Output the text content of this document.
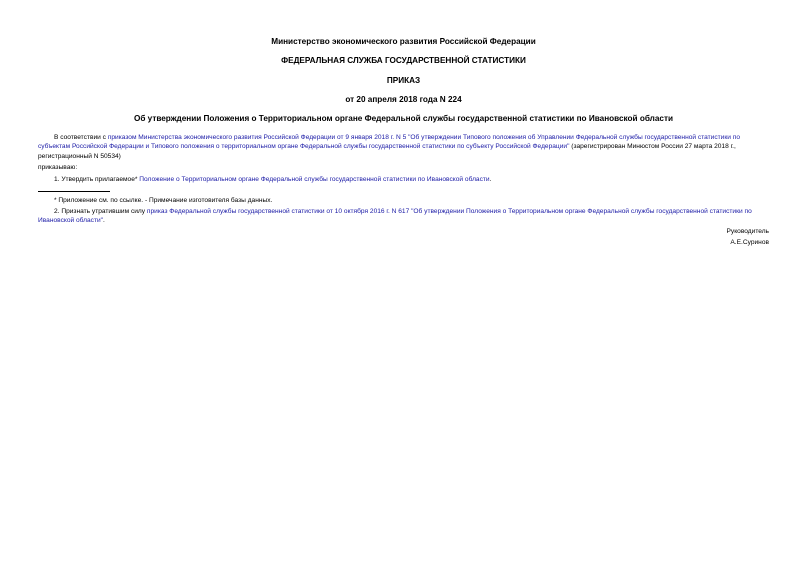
Министерство экономического развития Российской Федерации
ФЕДЕРАЛЬНАЯ СЛУЖБА ГОСУДАРСТВЕННОЙ СТАТИСТИКИ
ПРИКАЗ
от 20 апреля 2018 года N 224
Об утверждении Положения о Территориальном органе Федеральной службы государственной статистики по Ивановской области
В соответствии с приказом Министерства экономического развития Российской Федерации от 9 января 2018 г. N 5 "Об утверждении Типового положения об Управлении Федеральной службы государственной статистики по субъектам Российской Федерации и Типового положения о территориальном органе Федеральной службы государственной статистики по субъекту Российской Федерации" (зарегистрирован Минюстом России 27 марта 2018 г., регистрационный N 50534)
приказываю:
1. Утвердить прилагаемое* Положение о Территориальном органе Федеральной службы государственной статистики по Ивановской области.
* Приложение см. по ссылке. - Примечание изготовителя базы данных.
2. Признать утратившим силу приказ Федеральной службы государственной статистики от 10 октября 2016 г. N 617 "Об утверждении Положения о Территориальном органе Федеральной службы государственной статистики по Ивановской области".
Руководитель
А.Е.Суринов
